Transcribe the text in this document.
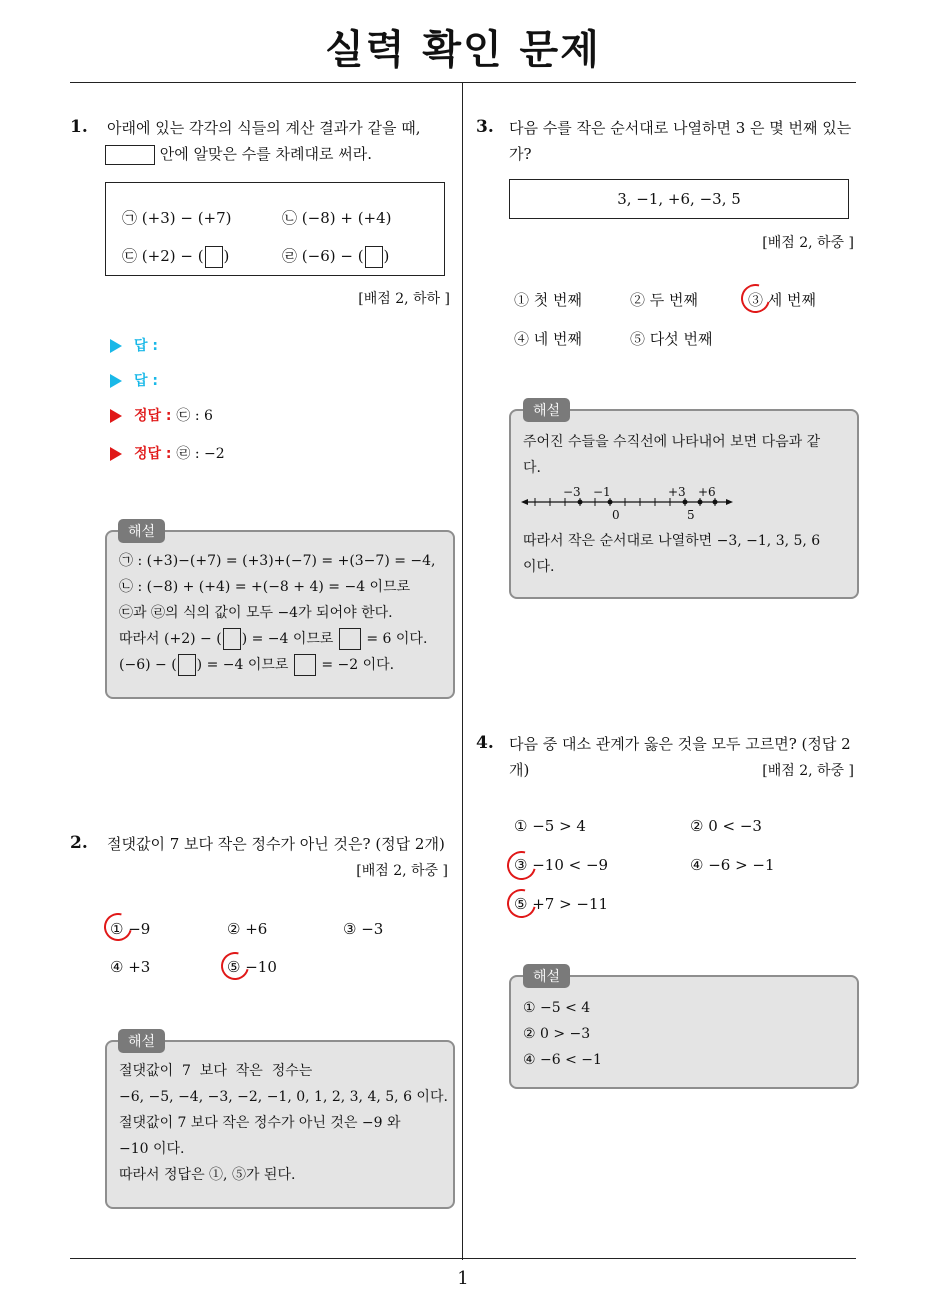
실력 확인 문제
1
1. 아래에 있는 각각의 식들의 계산 결과가 같을 때,
안에 알맞은 수를 차례대로 써라.
㉠ (+3) − (+7)	㉡ (−8) + (+4)
㉢ (+2) − ( )	㉣ (−6) − ( )
[배점 2, 하하 ]
답 :
답 :
정답 : ㉢ : 6
정답 : ㉣ : −2
㉠ : (+3)−(+7) = (+3)+(−7) = +(3−7) = −4,
㉡ : (−8) + (+4) = +(−8 + 4) = −4 이므로
㉢과 ㉣의 식의 값이 모두 −4가 되어야 한다.
따라서 (+2) − ( ) = −4 이므로 = 6 이다.
(−6) − ( ) = −4 이므로 = −2 이다.
해설
2. 절댓값이 7 보다 작은 정수가 아닌 것은? (정답 2개)
[배점 2, 하중 ]
① −9	② +6	③ −3
④ +3	⑤ −10
절댓값이  7  보다  작은  정수는
−6, −5, −4, −3, −2, −1, 0, 1, 2, 3, 4, 5, 6 이다.
절댓값이 7 보다 작은 정수가 아닌 것은 −9 와
−10 이다.
따라서 정답은 ①, ⑤가 된다.
해설
3. 다음 수를 작은 순서대로 나열하면 3 은 몇 번째 있는
가?
3, −1, +6, −3, 5
[배점 2, 하중 ]
① 첫 번째	② 두 번째	③ 세 번째
④ 네 번째	⑤ 다섯 번째
주어진 수들을 수직선에 나타내어 보면 다음과 같
다.
−3 −1	+3 +6
0	5
따라서 작은 순서대로 나열하면 −3, −1, 3, 5, 6
이다.
해설
4. 다음 중 대소 관계가 옳은 것을 모두 고르면? (정답 2
개)	[배점 2, 하중 ]
① −5 > 4	② 0 < −3
③ −10 < −9	④ −6 > −1
⑤ +7 > −11
① −5 < 4
② 0 > −3
④ −6 < −1
해설
